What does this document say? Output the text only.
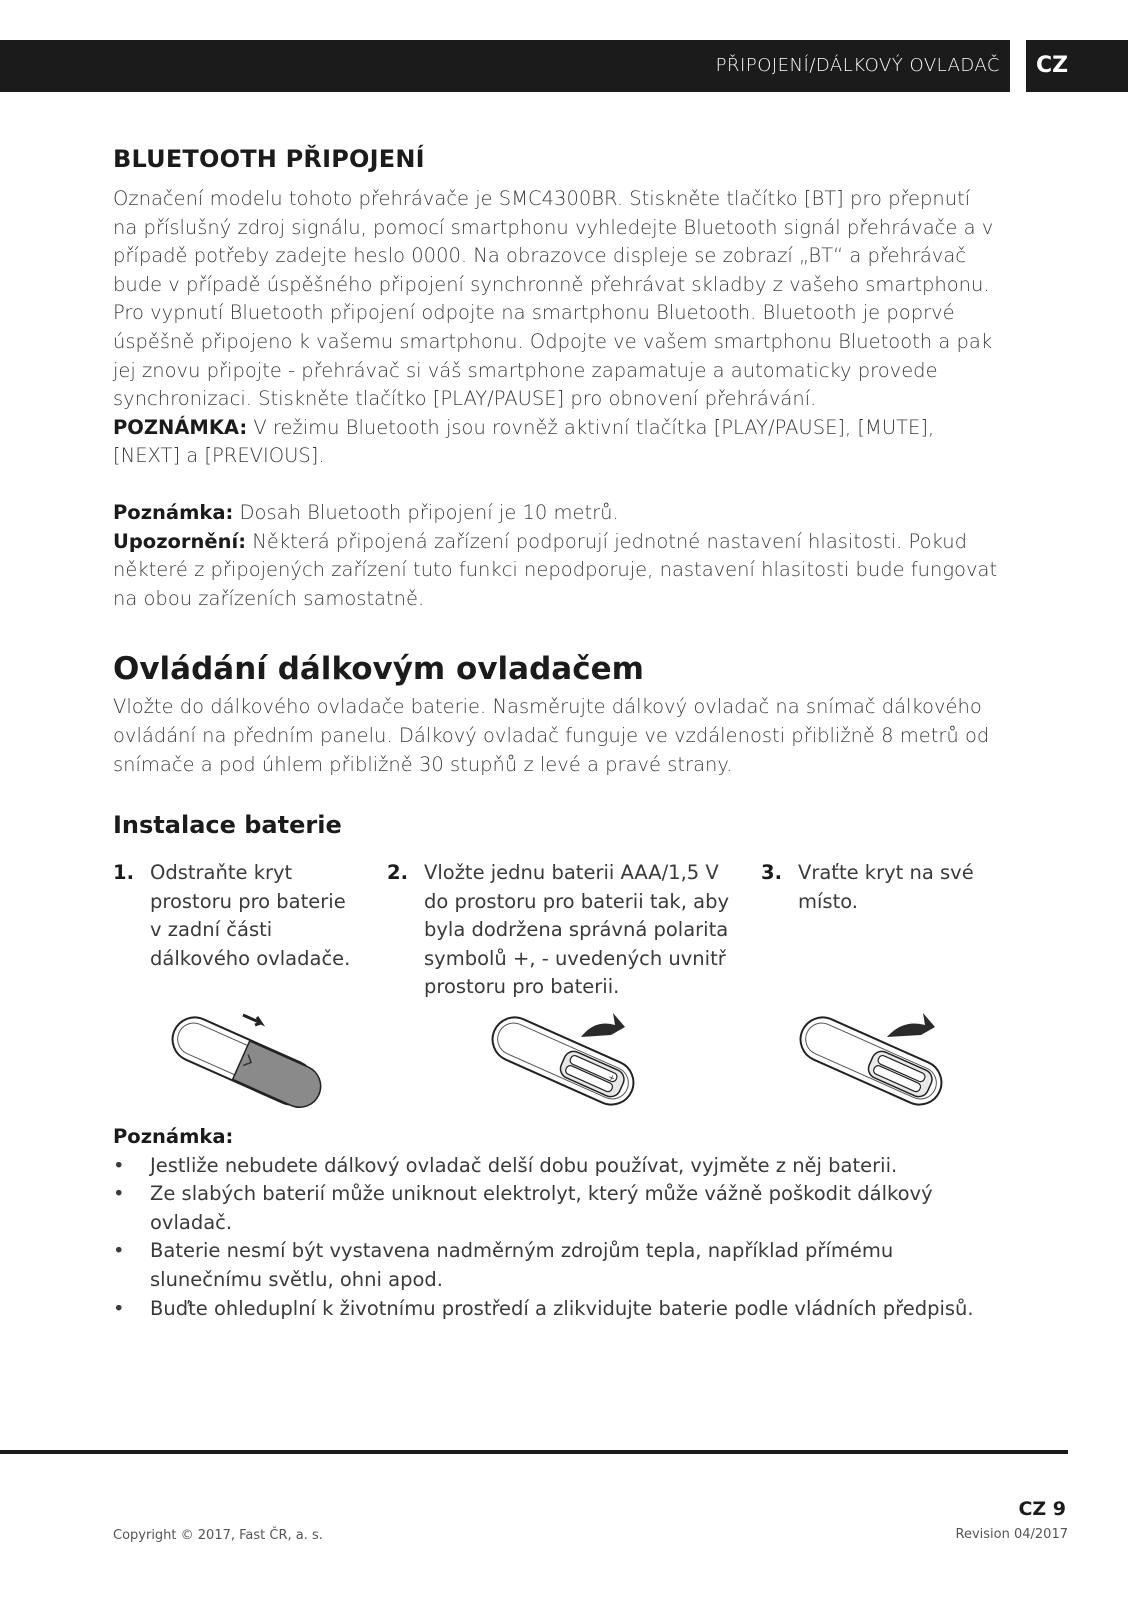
PŘIPOJENÍ/DÁLKOVÝ OVLADAČ CZ
BLUETOOTH PŘIPOJENÍ

Označení modelu tohoto přehrávače je SMC4300BR. Stiskněte tlačítko [BT] pro přepnutí na příslušný zdroj signálu, pomocí smartphonu vyhledejte Bluetooth signál přehrávače a v případě potřeby zadejte heslo 0000. Na obrazovce displeje se zobrazí „BT“ a přehrávač bude v případě úspěšného připojení synchronně přehrávat skladby z vašeho smartphonu. Pro vypnutí Bluetooth připojení odpojte na smartphonu Bluetooth. Bluetooth je poprvé úspěšně připojeno k vašemu smartphonu. Odpojte ve vašem smartphonu Bluetooth a pak jej znovu připojte - přehrávač si váš smartphone zapamatuje a automaticky provede synchronizaci. Stiskněte tlačítko [PLAY/PAUSE] pro obnovení přehrávání.

POZNÁMKA: V režimu Bluetooth jsou rovněž aktivní tlačítka [PLAY/PAUSE], [MUTE], [NEXT] a [PREVIOUS].

Poznámka: Dosah Bluetooth připojení je 10 metrů.

Upozornění: Některá připojená zařízení podporují jednotné nastavení hlasitosti. Pokud některé z připojených zařízení tuto funkci nepodporuje, nastavení hlasitosti bude fungovat na obou zařízeních samostatně.

Ovládání dálkovým ovladačem

Vložte do dálkového ovladače baterie. Nasměrujte dálkový ovladač na snímač dálkového ovládání na předním panelu. Dálkový ovladač funguje ve vzdálenosti přibližně 8 metrů od snímače a pod úhlem přibližně 30 stupňů z levé a pravé strany.

Instalace baterie
1. Odstraňte kryt prostoru pro baterie v zadní části dálkového ovladače.
2. Vložte jednu baterii AAA/1,5 V do prostoru pro baterii tak, aby byla dodržena správná polarita symbolů +, - uvedených uvnitř prostoru pro baterii.
3. Vraťte kryt na své místo.
+

Poznámka:

• Jestliže nebudete dálkový ovladač delší dobu používat, vyjměte z něj baterii.
• Ze slabých baterií může uniknout elektrolyt, který může vážně poškodit dálkový ovladač.
• Baterie nesmí být vystavena nadměrným zdrojům tepla, například přímému slunečnímu světlu, ohni apod.
• Buďte ohleduplní k životnímu prostředí a zlikvidujte baterie podle vládních předpisů.
CZ 9
Copyright © 2017, Fast ČR, a. s.	Revision 04/2017
